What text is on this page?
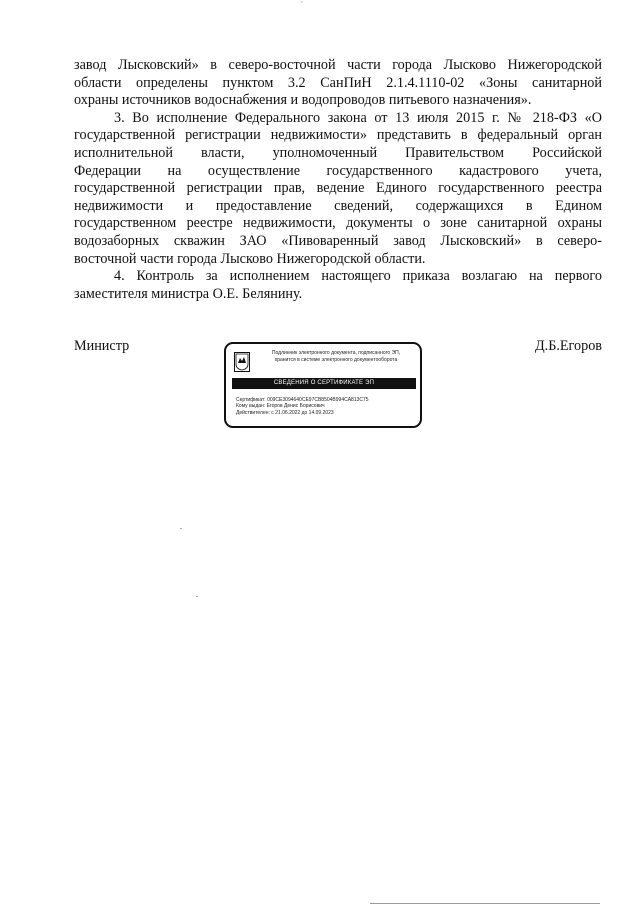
ˇ
завод Лысковский» в северо-восточной части города Лысково Нижегородской
области определены пунктом 3.2 СанПиН 2.1.4.1110-02 «Зоны санитарной
охраны источников водоснабжения и водопроводов питьевого назначения».
3. Во исполнение Федерального закона от 13 июля 2015 г. № 218-ФЗ «О
государственной регистрации недвижимости» представить в федеральный орган
исполнительной власти, уполномоченный Правительством Российской
Федерации на осуществление государственного кадастрового учета,
государственной регистрации прав, ведение Единого государственного реестра
недвижимости и предоставление сведений, содержащихся в Едином
государственном реестре недвижимости, документы о зоне санитарной охраны
водозаборных скважин ЗАО «Пивоваренный завод Лысковский» в северо-
восточной части города Лысково Нижегородской области.
4. Контроль за исполнением настоящего приказа возлагаю на первого
заместителя министра О.Е. Белянину.
Министр	Д.Б.Егоров
Подлинник электронного документа, подписанного ЭП,
хранится в системе электронного документооборота
СВЕДЕНИЯ О СЕРТИФИКАТЕ ЭП
Сертификат: 009CE3094640CE97CB8504B994CA813C75
Кому выдан: Егоров Денис Борисович
Действителен: с 21.06.2022 до 14.09.2023
